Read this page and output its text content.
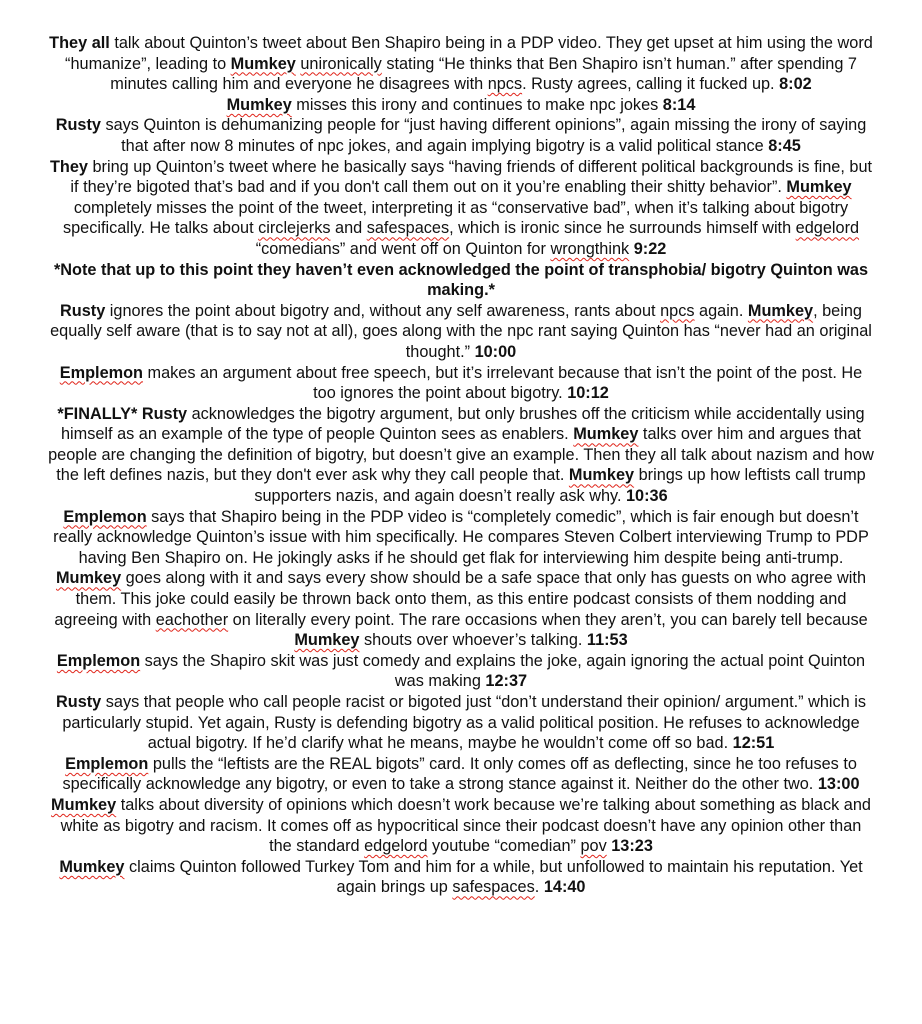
They all talk about Quinton’s tweet about Ben Shapiro being in a PDP video. They get upset at him using the word “humanize”, leading to Mumkey unironically stating “He thinks that Ben Shapiro isn’t human.” after spending 7 minutes calling him and everyone he disagrees with npcs. Rusty agrees, calling it fucked up. 8:02

Mumkey misses this irony and continues to make npc jokes 8:14

Rusty says Quinton is dehumanizing people for “just having different opinions”, again missing the irony of saying that after now 8 minutes of npc jokes, and again implying bigotry is a valid political stance 8:45

They bring up Quinton’s tweet where he basically says “having friends of different political backgrounds is fine, but if they’re bigoted that’s bad and if you don't call them out on it you’re enabling their shitty behavior”. Mumkey completely misses the point of the tweet, interpreting it as “conservative bad”, when it’s talking about bigotry specifically. He talks about circlejerks and safespaces, which is ironic since he surrounds himself with edgelord “comedians” and went off on Quinton for wrongthink 9:22

*Note that up to this point they haven’t even acknowledged the point of transphobia/ bigotry Quinton was making.*

Rusty ignores the point about bigotry and, without any self awareness, rants about npcs again. Mumkey, being equally self aware (that is to say not at all), goes along with the npc rant saying Quinton has “never had an original thought.” 10:00

Emplemon makes an argument about free speech, but it’s irrelevant because that isn’t the point of the post. He too ignores the point about bigotry. 10:12

*FINALLY* Rusty acknowledges the bigotry argument, but only brushes off the criticism while accidentally using himself as an example of the type of people Quinton sees as enablers. Mumkey talks over him and argues that people are changing the definition of bigotry, but doesn’t give an example. Then they all talk about nazism and how the left defines nazis, but they don't ever ask why they call people that. Mumkey brings up how leftists call trump supporters nazis, and again doesn’t really ask why. 10:36

Emplemon says that Shapiro being in the PDP video is “completely comedic”, which is fair enough but doesn’t really acknowledge Quinton’s issue with him specifically. He compares Steven Colbert interviewing Trump to PDP having Ben Shapiro on. He jokingly asks if he should get flak for interviewing him despite being anti-trump. Mumkey goes along with it and says every show should be a safe space that only has guests on who agree with them. This joke could easily be thrown back onto them, as this entire podcast consists of them nodding and agreeing with eachother on literally every point. The rare occasions when they aren’t, you can barely tell because Mumkey shouts over whoever’s talking. 11:53

Emplemon says the Shapiro skit was just comedy and explains the joke, again ignoring the actual point Quinton was making 12:37

Rusty says that people who call people racist or bigoted just “don’t understand their opinion/ argument.” which is particularly stupid. Yet again, Rusty is defending bigotry as a valid political position. He refuses to acknowledge actual bigotry. If he’d clarify what he means, maybe he wouldn’t come off so bad. 12:51

Emplemon pulls the “leftists are the REAL bigots” card. It only comes off as deflecting, since he too refuses to specifically acknowledge any bigotry, or even to take a strong stance against it. Neither do the other two. 13:00

Mumkey talks about diversity of opinions which doesn’t work because we’re talking about something as black and white as bigotry and racism. It comes off as hypocritical since their podcast doesn’t have any opinion other than the standard edgelord youtube “comedian” pov 13:23

Mumkey claims Quinton followed Turkey Tom and him for a while, but unfollowed to maintain his reputation. Yet again brings up safespaces. 14:40
